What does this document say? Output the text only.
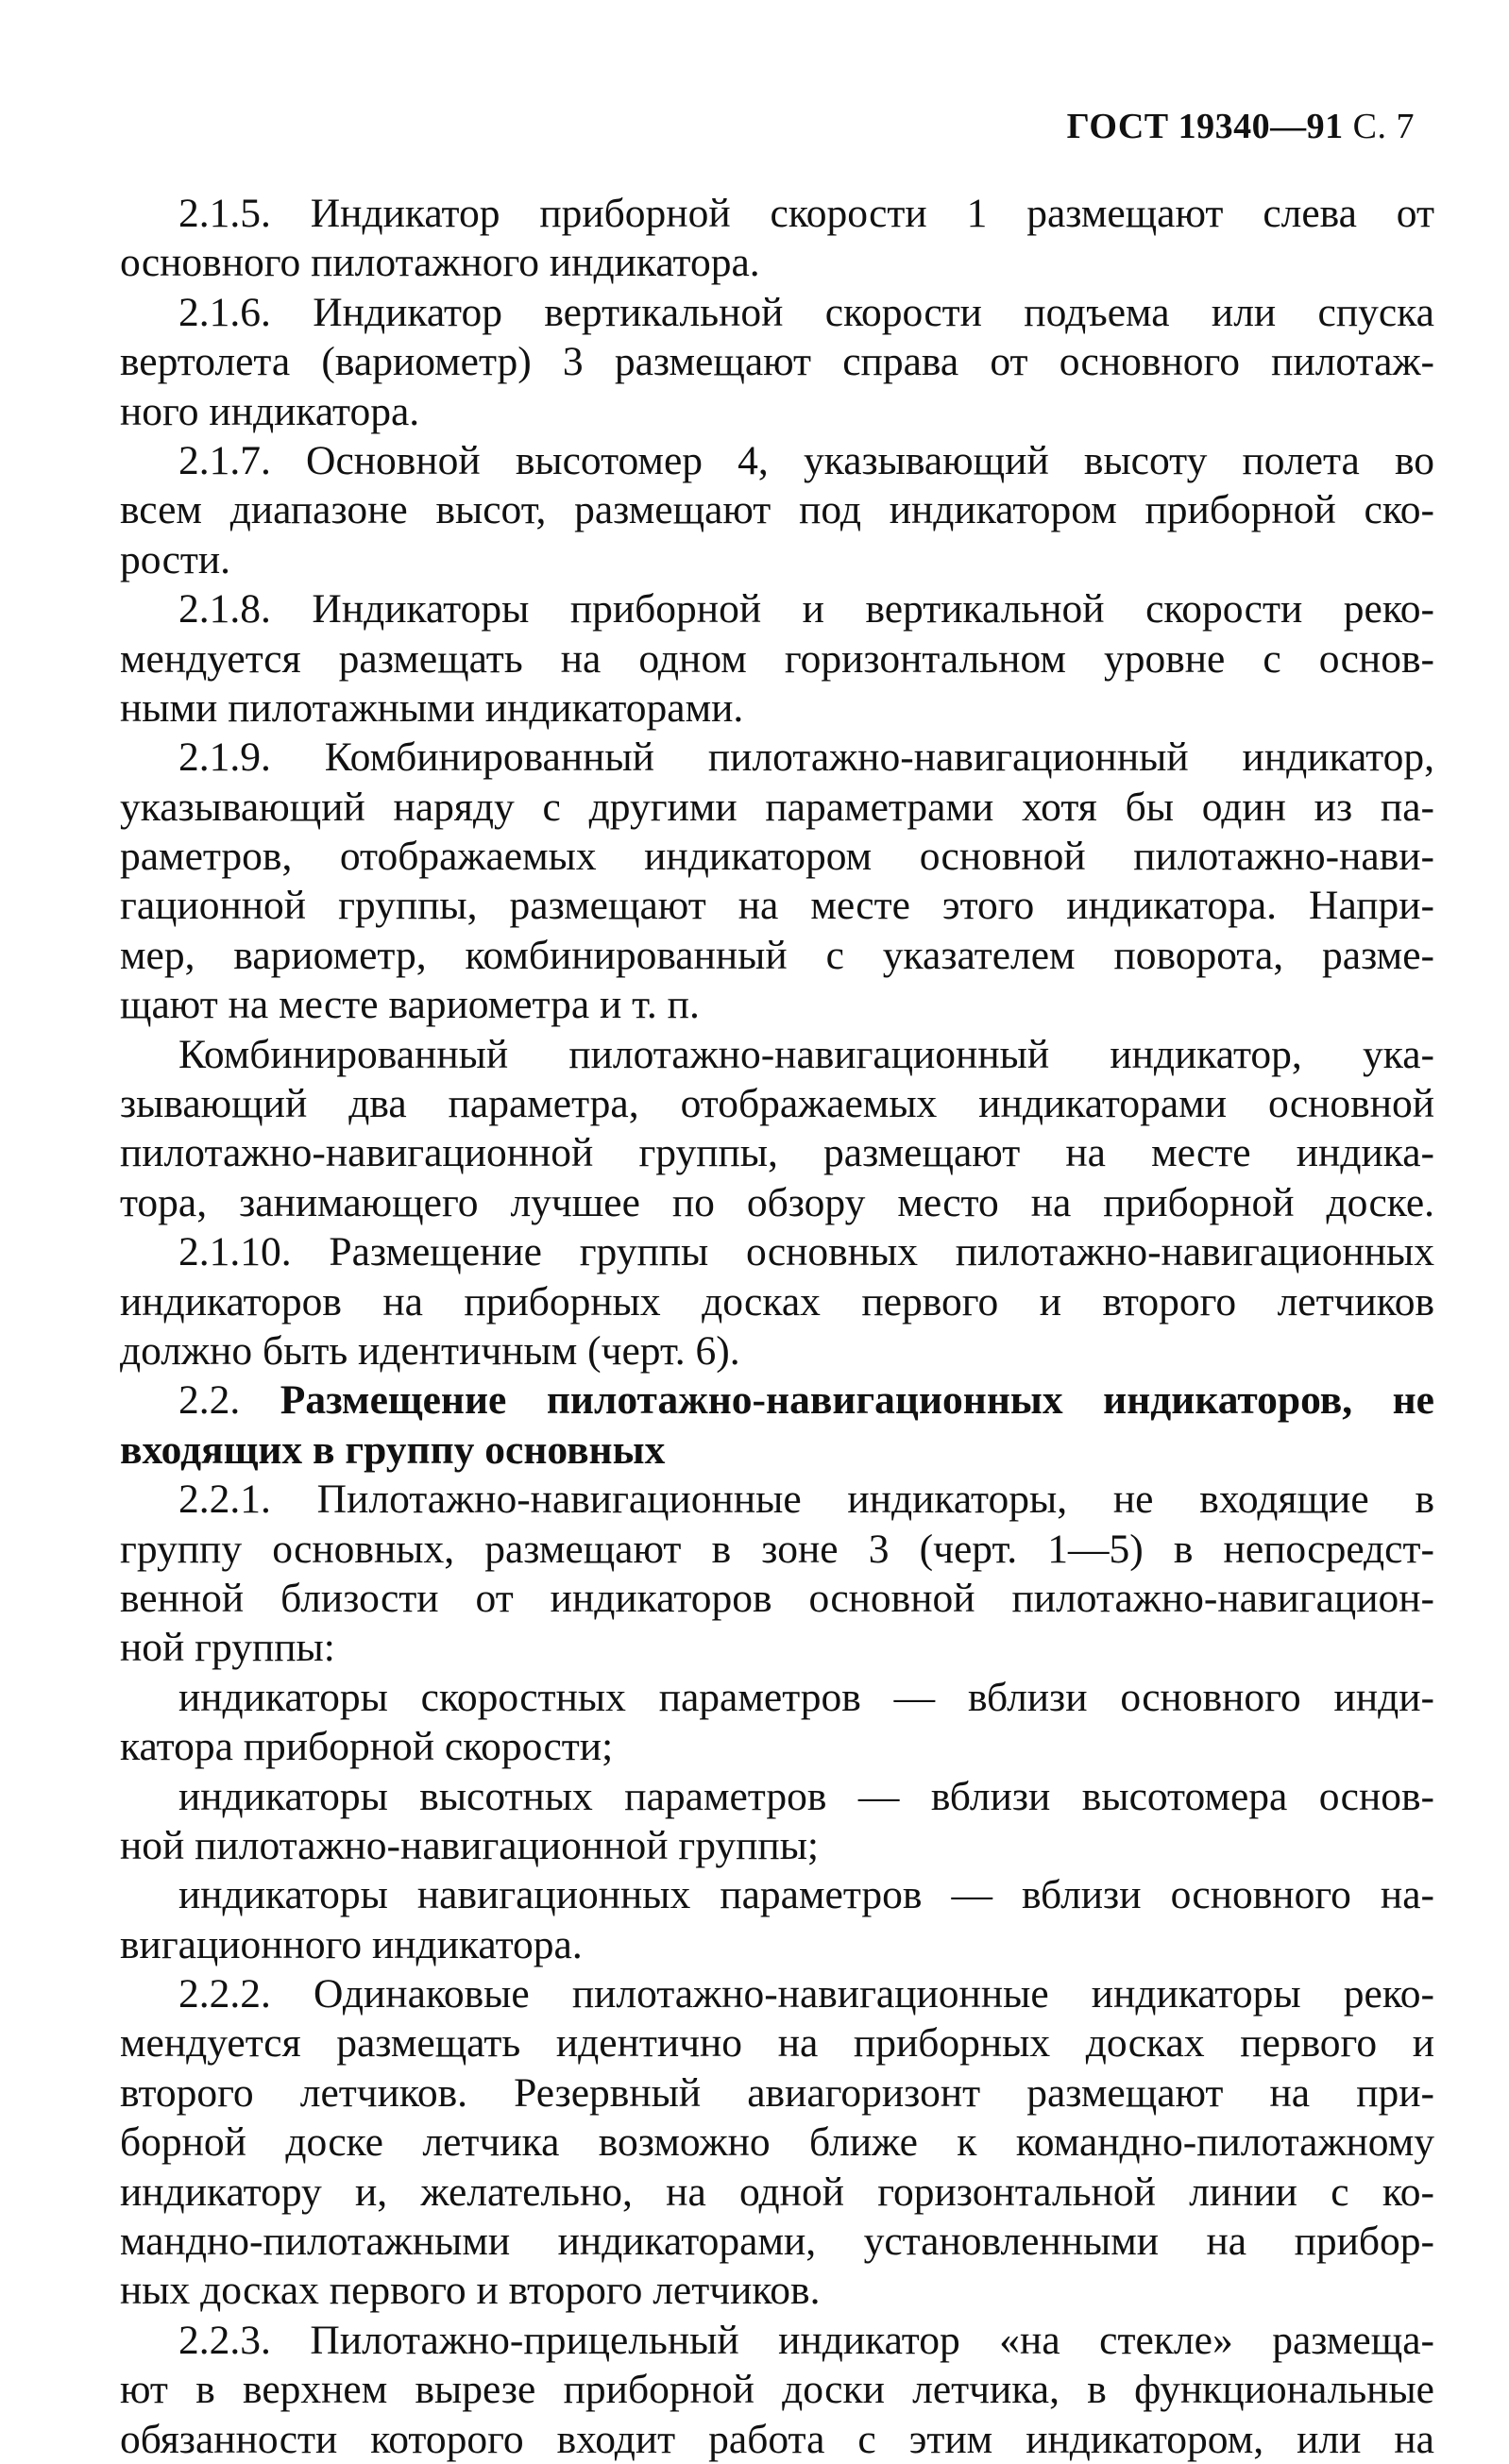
ГОСТ 19340—91 С. 7
2.1.5. Индикатор приборной скорости 1 размещают слева от
основного пилотажного индикатора.
2.1.6. Индикатор вертикальной скорости подъема или спуска
вертолета (вариометр) 3 размещают справа от основного пилотаж-
ного индикатора.
2.1.7. Основной высотомер 4, указывающий высоту полета во
всем диапазоне высот, размещают под индикатором приборной ско-
рости.
2.1.8. Индикаторы приборной и вертикальной скорости реко-
мендуется размещать на одном горизонтальном уровне с основ-
ными пилотажными индикаторами.
2.1.9. Комбинированный пилотажно-навигационный индикатор,
указывающий наряду с другими параметрами хотя бы один из па-
раметров, отображаемых индикатором основной пилотажно-нави-
гационной группы, размещают на месте этого индикатора. Напри-
мер, вариометр, комбинированный с указателем поворота, разме-
щают на месте вариометра и т. п.
Комбинированный пилотажно-навигационный индикатор, ука-
зывающий два параметра, отображаемых индикаторами основной
пилотажно-навигационной группы, размещают на месте индика-
тора, занимающего лучшее по обзору место на приборной доске.
2.1.10. Размещение группы основных пилотажно-навигационных
индикаторов на приборных досках первого и второго летчиков
должно быть идентичным (черт. 6).
2.2. Размещение пилотажно-навигационных индикаторов, не
входящих в группу основных
2.2.1. Пилотажно-навигационные индикаторы, не входящие в
группу основных, размещают в зоне 3 (черт. 1—5) в непосредст-
венной близости от индикаторов основной пилотажно-навигацион-
ной группы:
индикаторы скоростных параметров — вблизи основного инди-
катора приборной скорости;
индикаторы высотных параметров — вблизи высотомера основ-
ной пилотажно-навигационной группы;
индикаторы навигационных параметров — вблизи основного на-
вигационного индикатора.
2.2.2. Одинаковые пилотажно-навигационные индикаторы реко-
мендуется размещать идентично на приборных досках первого и
второго летчиков. Резервный авиагоризонт размещают на при-
борной доске летчика возможно ближе к командно-пилотажному
индикатору и, желательно, на одной горизонтальной линии с ко-
мандно-пилотажными индикаторами, установленными на прибор-
ных досках первого и второго летчиков.
2.2.3. Пилотажно-прицельный индикатор «на стекле» размеща-
ют в верхнем вырезе приборной доски летчика, в функциональные
обязанности которого входит работа с этим индикатором, или на
